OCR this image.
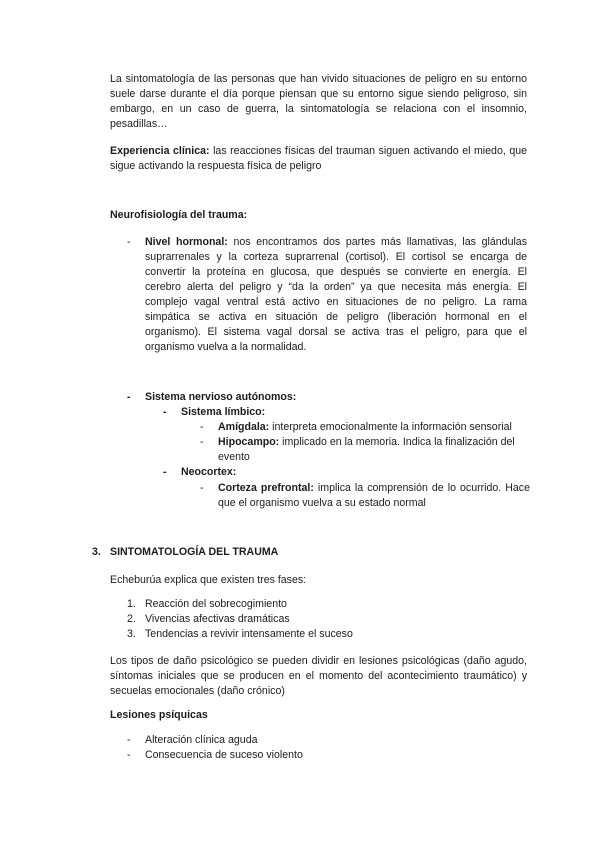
La sintomatología de las personas que han vivido situaciones de peligro en su entorno suele darse durante el día porque piensan que su entorno sigue siendo peligroso, sin embargo, en un caso de guerra, la sintomatología se relaciona con el insomnio, pesadillas…

Experiencia clínica: las reacciones físicas del trauman siguen activando el miedo, que sigue activando la respuesta física de peligro

Neurofisiología del trauma:

- Nivel hormonal: nos encontramos dos partes más llamativas, las glándulas suprarrenales y la corteza suprarrenal (cortisol). El cortisol se encarga de convertir la proteína en glucosa, que después se convierte en energía. El cerebro alerta del peligro y “da la orden” ya que necesita más energía. El complejo vagal ventral está activo en situaciones de no peligro. La rama simpática se activa en situación de peligro (liberación hormonal en el organismo). El sistema vagal dorsal se activa tras el peligro, para que el organismo vuelva a la normalidad.

- Sistema nervioso autónomos:

- Sistema límbico:

- Amígdala: interpreta emocionalmente la información sensorial

- Hipocampo: implicado en la memoria. Indica la finalización del evento

- Neocortex:

- Corteza prefrontal: implica la comprensión de lo ocurrido. Hace que el organismo vuelva a su estado normal

3. SINTOMATOLOGÍA DEL TRAUMA

Echeburúa explica que existen tres fases:

1. Reacción del sobrecogimiento

2. Vivencias afectivas dramáticas

3. Tendencias a revivir intensamente el suceso

Los tipos de daño psicológico se pueden dividir en lesiones psicológicas (daño agudo, síntomas iniciales que se producen en el momento del acontecimiento traumático) y secuelas emocionales (daño crónico)

Lesiones psíquicas

- Alteración clínica aguda

- Consecuencia de suceso violento
